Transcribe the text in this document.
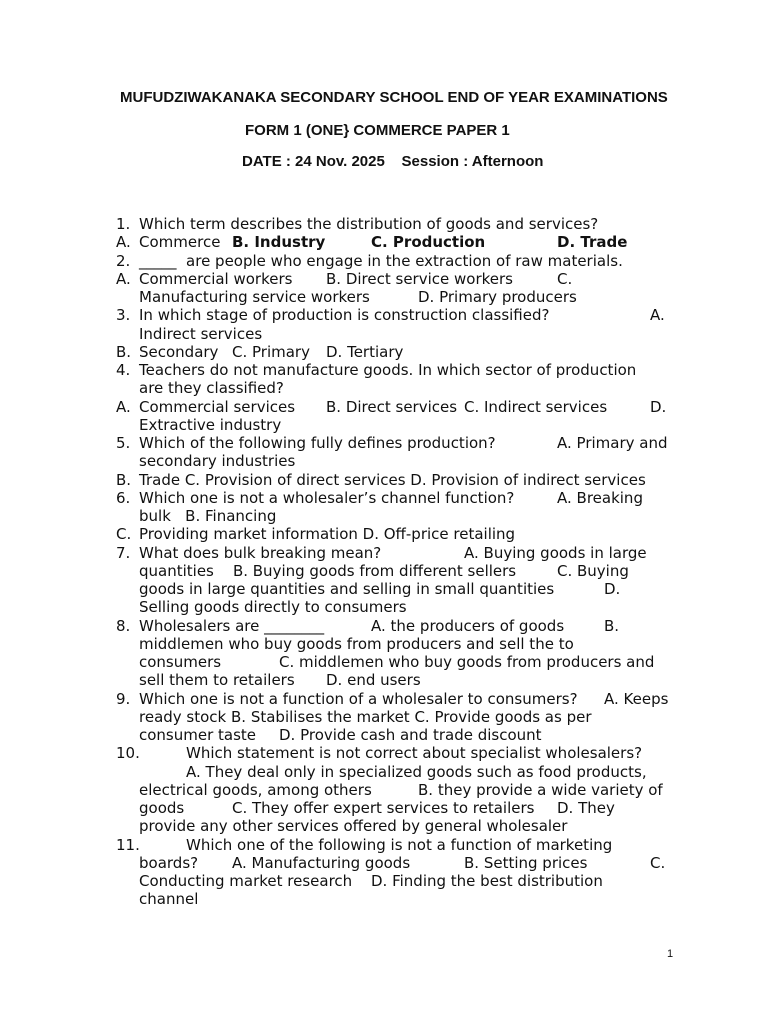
MUFUDZIWAKANAKA SECONDARY SCHOOL END OF YEAR EXAMINATIONS
FORM 1 (ONE} COMMERCE PAPER 1
DATE : 24 Nov. 2025    Session : Afternoon
1. Which term describes the distribution of goods and services?
A. Commerce B. Industry	C. Production	D. Trade
2. _____  are people who engage in the extraction of raw materials.
A. Commercial workers B. Direct service workers	C.
Manufacturing service workers	D. Primary producers
3. In which stage of production is construction classified?	A.
Indirect services
B. Secondary C. Primary D. Tertiary
4. Teachers do not manufacture goods. In which sector of production
are they classified?
A. Commercial services B. Direct services C. Indirect services	D.
Extractive industry
5. Which of the following fully defines production?	A. Primary and
secondary industries
B. Trade C. Provision of direct services D. Provision of indirect services
6. Which one is not a wholesaler’s channel function?	A. Breaking
bulk   B. Financing
C. Providing market information D. Off-price retailing
7. What does bulk breaking mean?	A. Buying goods in large
quantities    B. Buying goods from different sellers	C. Buying
goods in large quantities and selling in small quantities	D.
Selling goods directly to consumers
8. Wholesalers are ________	A. the producers of goods	B.
middlemen who buy goods from producers and sell the to
consumers	C. middlemen who buy goods from producers and
sell them to retailers D. end users
9. Which one is not a function of a wholesaler to consumers? A. Keeps
ready stock B. Stabilises the market C. Provide goods as per
consumer taste D. Provide cash and trade discount
10.	Which statement is not correct about specialist wholesalers?
A. They deal only in specialized goods such as food products,
electrical goods, among others	B. they provide a wide variety of
goods	C. They offer expert services to retailers D. They
provide any other services offered by general wholesaler
11.	Which one of the following is not a function of marketing
boards? A. Manufacturing goods	B. Setting prices	C.
Conducting market research D. Finding the best distribution
channel
1
